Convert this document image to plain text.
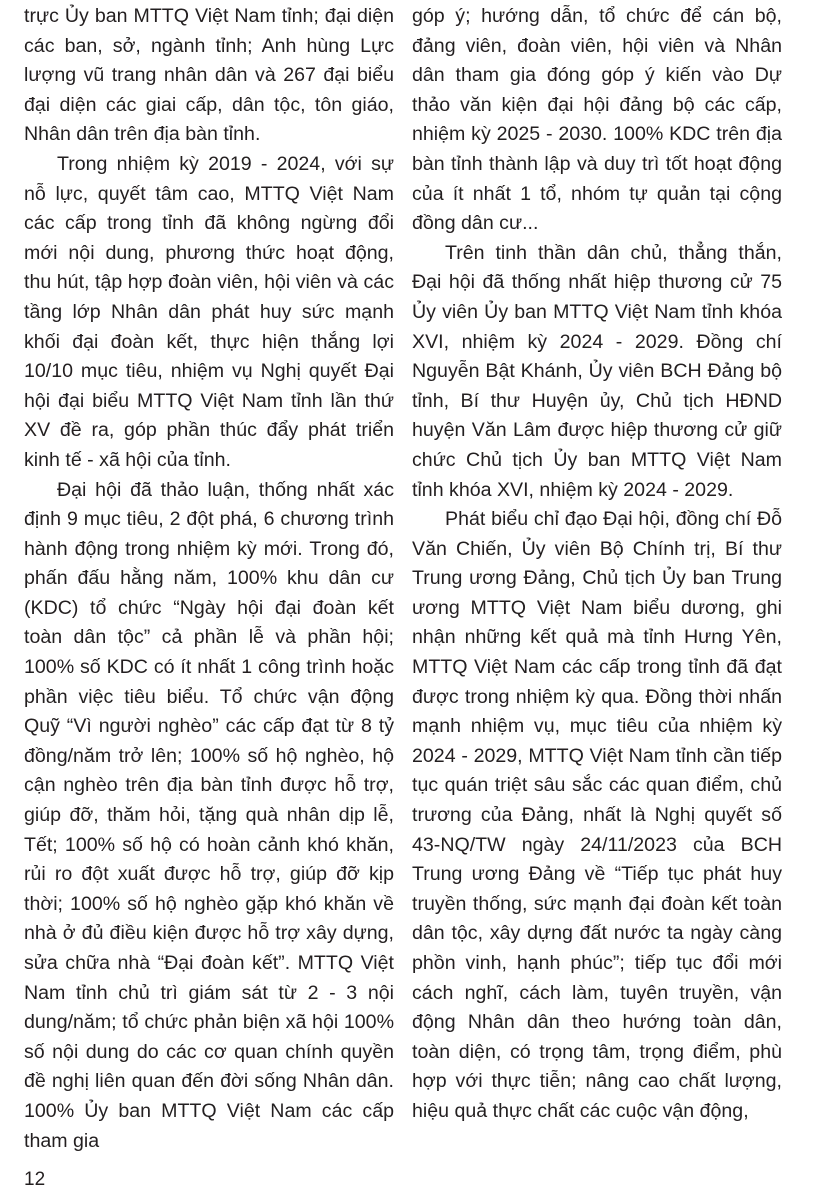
trực Ủy ban MTTQ Việt Nam tỉnh; đại diện các ban, sở, ngành tỉnh; Anh hùng Lực lượng vũ trang nhân dân và 267 đại biểu đại diện các giai cấp, dân tộc, tôn giáo, Nhân dân trên địa bàn tỉnh.

Trong nhiệm kỳ 2019 - 2024, với sự nỗ lực, quyết tâm cao, MTTQ Việt Nam các cấp trong tỉnh đã không ngừng đổi mới nội dung, phương thức hoạt động, thu hút, tập hợp đoàn viên, hội viên và các tầng lớp Nhân dân phát huy sức mạnh khối đại đoàn kết, thực hiện thắng lợi 10/10 mục tiêu, nhiệm vụ Nghị quyết Đại hội đại biểu MTTQ Việt Nam tỉnh lần thứ XV đề ra, góp phần thúc đẩy phát triển kinh tế - xã hội của tỉnh.

Đại hội đã thảo luận, thống nhất xác định 9 mục tiêu, 2 đột phá, 6 chương trình hành động trong nhiệm kỳ mới. Trong đó, phấn đấu hằng năm, 100% khu dân cư (KDC) tổ chức “Ngày hội đại đoàn kết toàn dân tộc” cả phần lễ và phần hội; 100% số KDC có ít nhất 1 công trình hoặc phần việc tiêu biểu. Tổ chức vận động Quỹ “Vì người nghèo” các cấp đạt từ 8 tỷ đồng/năm trở lên; 100% số hộ nghèo, hộ cận nghèo trên địa bàn tỉnh được hỗ trợ, giúp đỡ, thăm hỏi, tặng quà nhân dịp lễ, Tết; 100% số hộ có hoàn cảnh khó khăn, rủi ro đột xuất được hỗ trợ, giúp đỡ kịp thời; 100% số hộ nghèo gặp khó khăn về nhà ở đủ điều kiện được hỗ trợ xây dựng, sửa chữa nhà “Đại đoàn kết”. MTTQ Việt Nam tỉnh chủ trì giám sát từ 2 - 3 nội dung/năm; tổ chức phản biện xã hội 100% số nội dung do các cơ quan chính quyền đề nghị liên quan đến đời sống Nhân dân. 100% Ủy ban MTTQ Việt Nam các cấp tham gia

góp ý; hướng dẫn, tổ chức để cán bộ, đảng viên, đoàn viên, hội viên và Nhân dân tham gia đóng góp ý kiến vào Dự thảo văn kiện đại hội đảng bộ các cấp, nhiệm kỳ 2025 - 2030. 100% KDC trên địa bàn tỉnh thành lập và duy trì tốt hoạt động của ít nhất 1 tổ, nhóm tự quản tại cộng đồng dân cư...

Trên tinh thần dân chủ, thẳng thắn, Đại hội đã thống nhất hiệp thương cử 75 Ủy viên Ủy ban MTTQ Việt Nam tỉnh khóa XVI, nhiệm kỳ 2024 - 2029. Đồng chí Nguyễn Bật Khánh, Ủy viên BCH Đảng bộ tỉnh, Bí thư Huyện ủy, Chủ tịch HĐND huyện Văn Lâm được hiệp thương cử giữ chức Chủ tịch Ủy ban MTTQ Việt Nam tỉnh khóa XVI, nhiệm kỳ 2024 - 2029.

Phát biểu chỉ đạo Đại hội, đồng chí Đỗ Văn Chiến, Ủy viên Bộ Chính trị, Bí thư Trung ương Đảng, Chủ tịch Ủy ban Trung ương MTTQ Việt Nam biểu dương, ghi nhận những kết quả mà tỉnh Hưng Yên, MTTQ Việt Nam các cấp trong tỉnh đã đạt được trong nhiệm kỳ qua. Đồng thời nhấn mạnh nhiệm vụ, mục tiêu của nhiệm kỳ 2024 - 2029, MTTQ Việt Nam tỉnh cần tiếp tục quán triệt sâu sắc các quan điểm, chủ trương của Đảng, nhất là Nghị quyết số 43-NQ/TW ngày 24/11/2023 của BCH Trung ương Đảng về “Tiếp tục phát huy truyền thống, sức mạnh đại đoàn kết toàn dân tộc, xây dựng đất nước ta ngày càng phồn vinh, hạnh phúc”; tiếp tục đổi mới cách nghĩ, cách làm, tuyên truyền, vận động Nhân dân theo hướng toàn dân, toàn diện, có trọng tâm, trọng điểm, phù hợp với thực tiễn; nâng cao chất lượng, hiệu quả thực chất các cuộc vận động,

12
